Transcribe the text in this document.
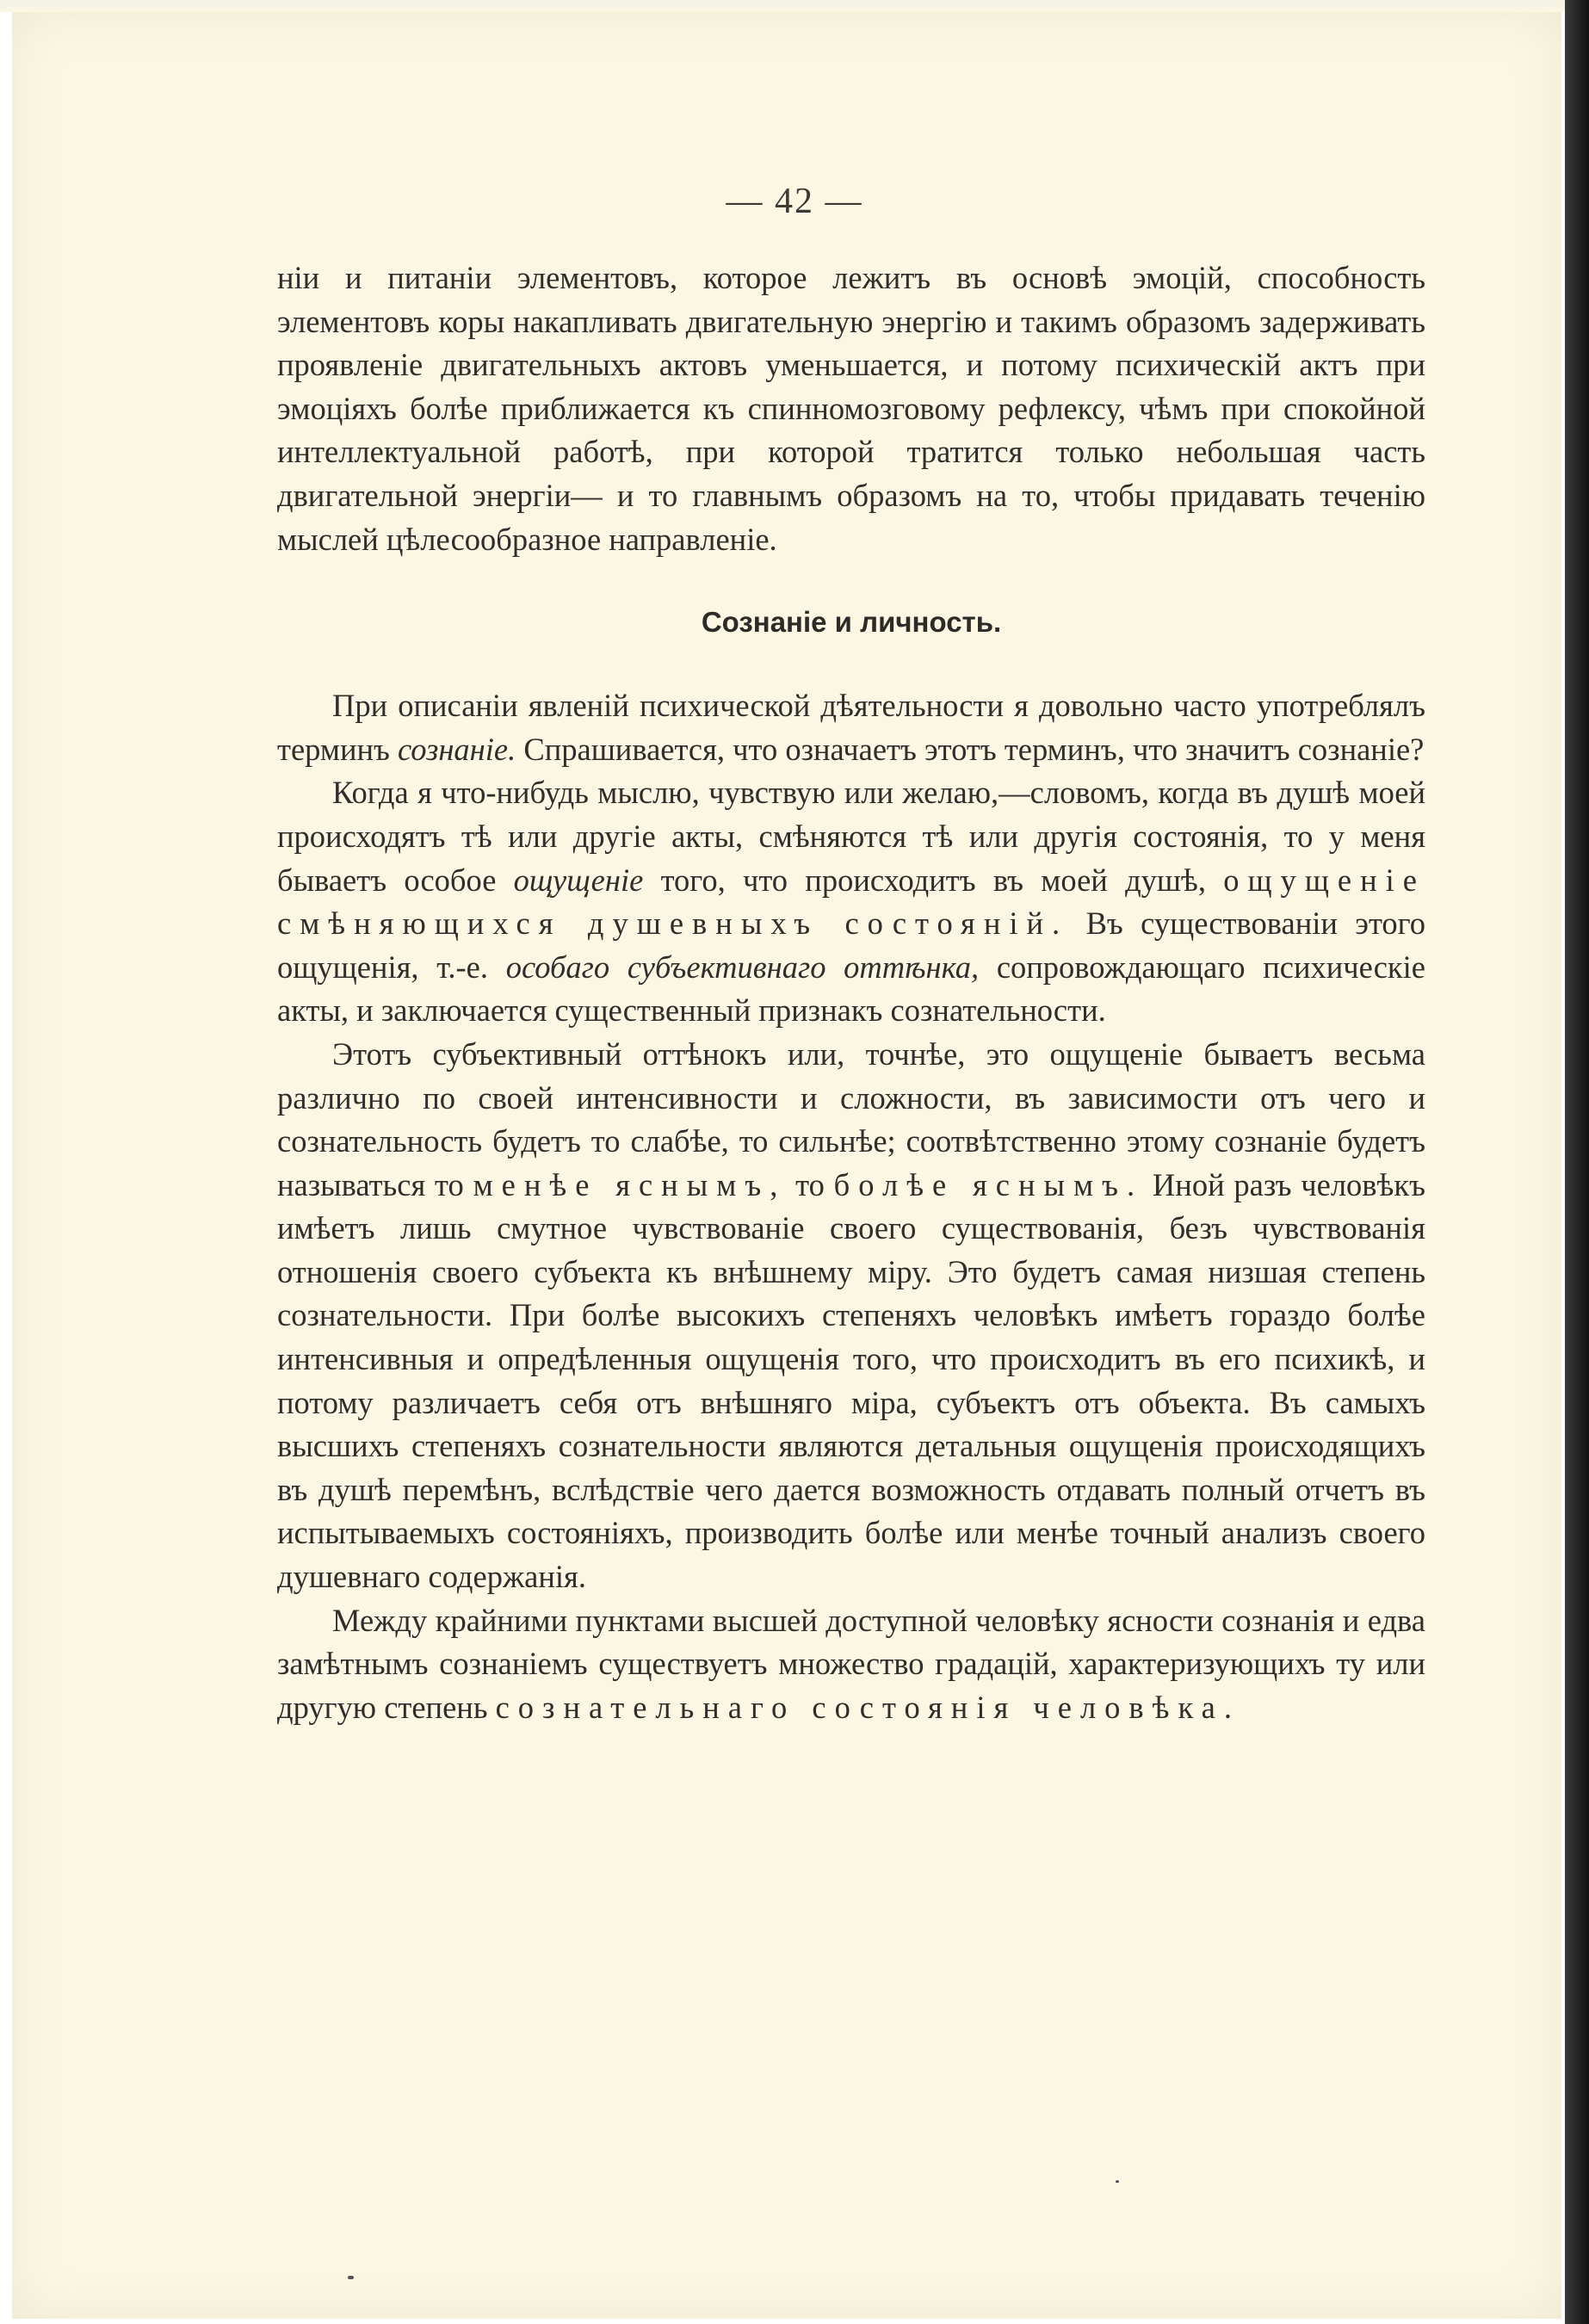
— 42 —

ніи и питаніи элементовъ, которое лежитъ въ основѣ эмоцій, способность элементовъ коры накапливать двигательную энергію и такимъ образомъ задерживать проявленіе двигательныхъ актовъ уменьшается, и потому психическій актъ при эмоціяхъ болѣе приближается къ спинномозговому рефлексу, чѣмъ при спокойной интеллектуальной работѣ, при которой тратится только небольшая часть двигательной энергіи— и то главнымъ образомъ на то, чтобы придавать теченію мыслей цѣлесообразное направленіе.

Сознаніе и личность.

При описаніи явленій психической дѣятельности я довольно часто употреблялъ терминъ сознаніе. Спрашивается, что означаетъ этотъ терминъ, что значитъ сознаніе?

Когда я что-нибудь мыслю, чувствую или желаю,—словомъ, когда въ душѣ моей происходятъ тѣ или другіе акты, смѣняются тѣ или другія состоянія, то у меня бываетъ особое ощущеніе того, что происходитъ въ моей душѣ, ощущеніе смѣняющихся душевныхъ состояній. Въ существованіи этого ощущенія, т.-е. особаго субъективнаго оттѣнка, сопровождающаго психическіе акты, и заключается существенный признакъ сознательности.

Этотъ субъективный оттѣнокъ или, точнѣе, это ощущеніе бываетъ весьма различно по своей интенсивности и сложности, въ зависимости отъ чего и сознательность будетъ то слабѣе, то сильнѣе; соотвѣтственно этому сознаніе будетъ называться то менѣе яснымъ, то болѣе яснымъ. Иной разъ человѣкъ имѣетъ лишь смутное чувствованіе своего существованія, безъ чувствованія отношенія своего субъекта къ внѣшнему міру. Это будетъ самая низшая степень сознательности. При болѣе высокихъ степеняхъ человѣкъ имѣетъ гораздо болѣе интенсивныя и опредѣленныя ощущенія того, что происходитъ въ его психикѣ, и потому различаетъ себя отъ внѣшняго міра, субъектъ отъ объекта. Въ самыхъ высшихъ степеняхъ сознательности являются детальныя ощущенія происходящихъ въ душѣ перемѣнъ, вслѣдствіе чего дается возможность отдавать полный отчетъ въ испытываемыхъ состояніяхъ, производить болѣе или менѣе точный анализъ своего душевнаго содержанія.

Между крайними пунктами высшей доступной человѣку ясности сознанія и едва замѣтнымъ сознаніемъ существуетъ множество градацій, характеризующихъ ту или другую степень сознательнаго состоянія человѣка.
